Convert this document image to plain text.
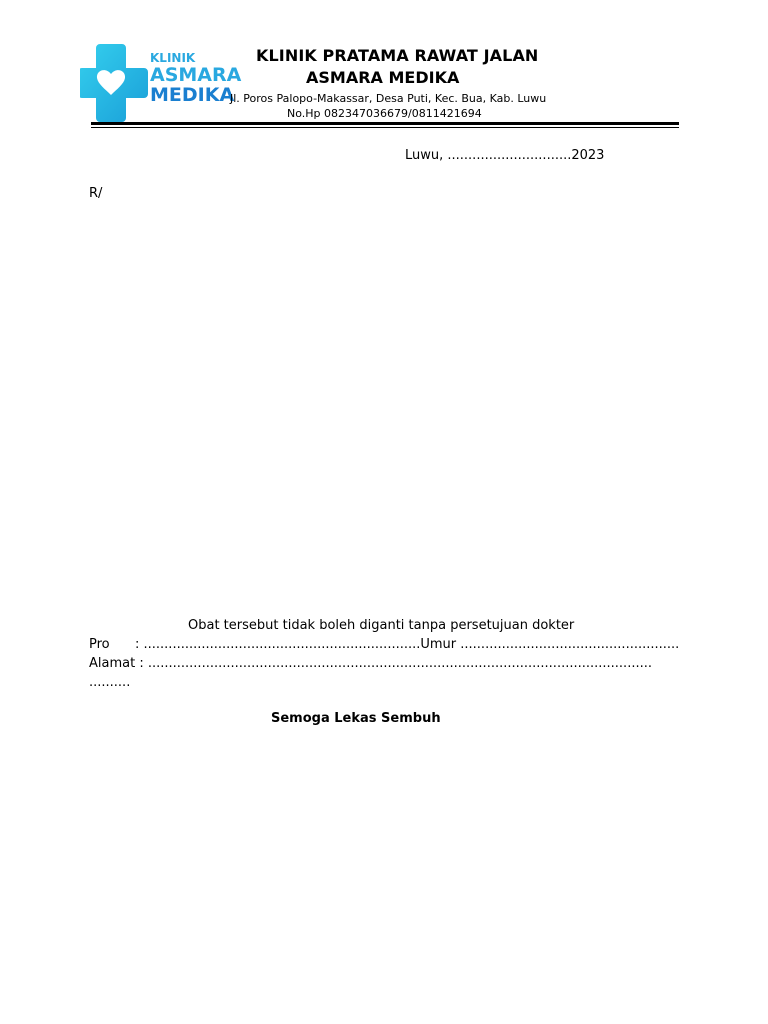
KLINIK
ASMARA
MEDIKA
KLINIK PRATAMA RAWAT JALAN
ASMARA MEDIKA
Jl. Poros Palopo-Makassar, Desa Puti, Kec. Bua, Kab. Luwu
No.Hp 082347036679/0811421694
Luwu, ..............................2023
R/
Obat tersebut tidak boleh diganti tanpa persetujuan dokter
Pro : ...................................................................Umur .....................................................
Alamat : ..........................................................................................................................
..........
Semoga Lekas Sembuh
